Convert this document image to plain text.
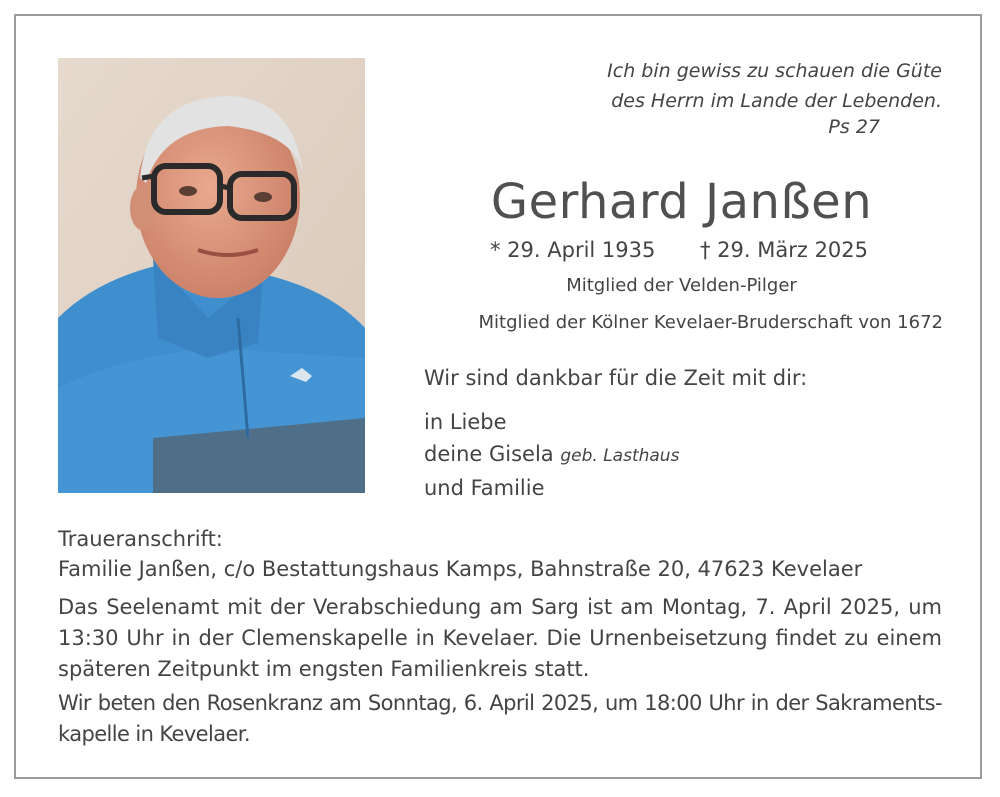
Ich bin gewiss zu schauen die Güte
des Herrn im Lande der Lebenden.
Ps 27
Gerhard Janßen
* 29. April 1935 † 29. März 2025
Mitglied der Velden-Pilger
Mitglied der Kölner Kevelaer-Bruderschaft von 1672
Wir sind dankbar für die Zeit mit dir:
in Liebe
deine Gisela geb. Lasthaus
und Familie
Traueranschrift:
Familie Janßen, c/o Bestattungshaus Kamps, Bahnstraße 20, 47623 Kevelaer
Das Seelenamt mit der Verabschiedung am Sarg ist am Montag, 7. April 2025, um 13:30 Uhr in der Clemenskapelle in Kevelaer. Die Urnenbeisetzung findet zu einem späteren Zeitpunkt im engsten Familienkreis statt.
Wir beten den Rosenkranz am Sonntag, 6. April 2025, um 18:00 Uhr in der Sakraments-kapelle in Kevelaer.
